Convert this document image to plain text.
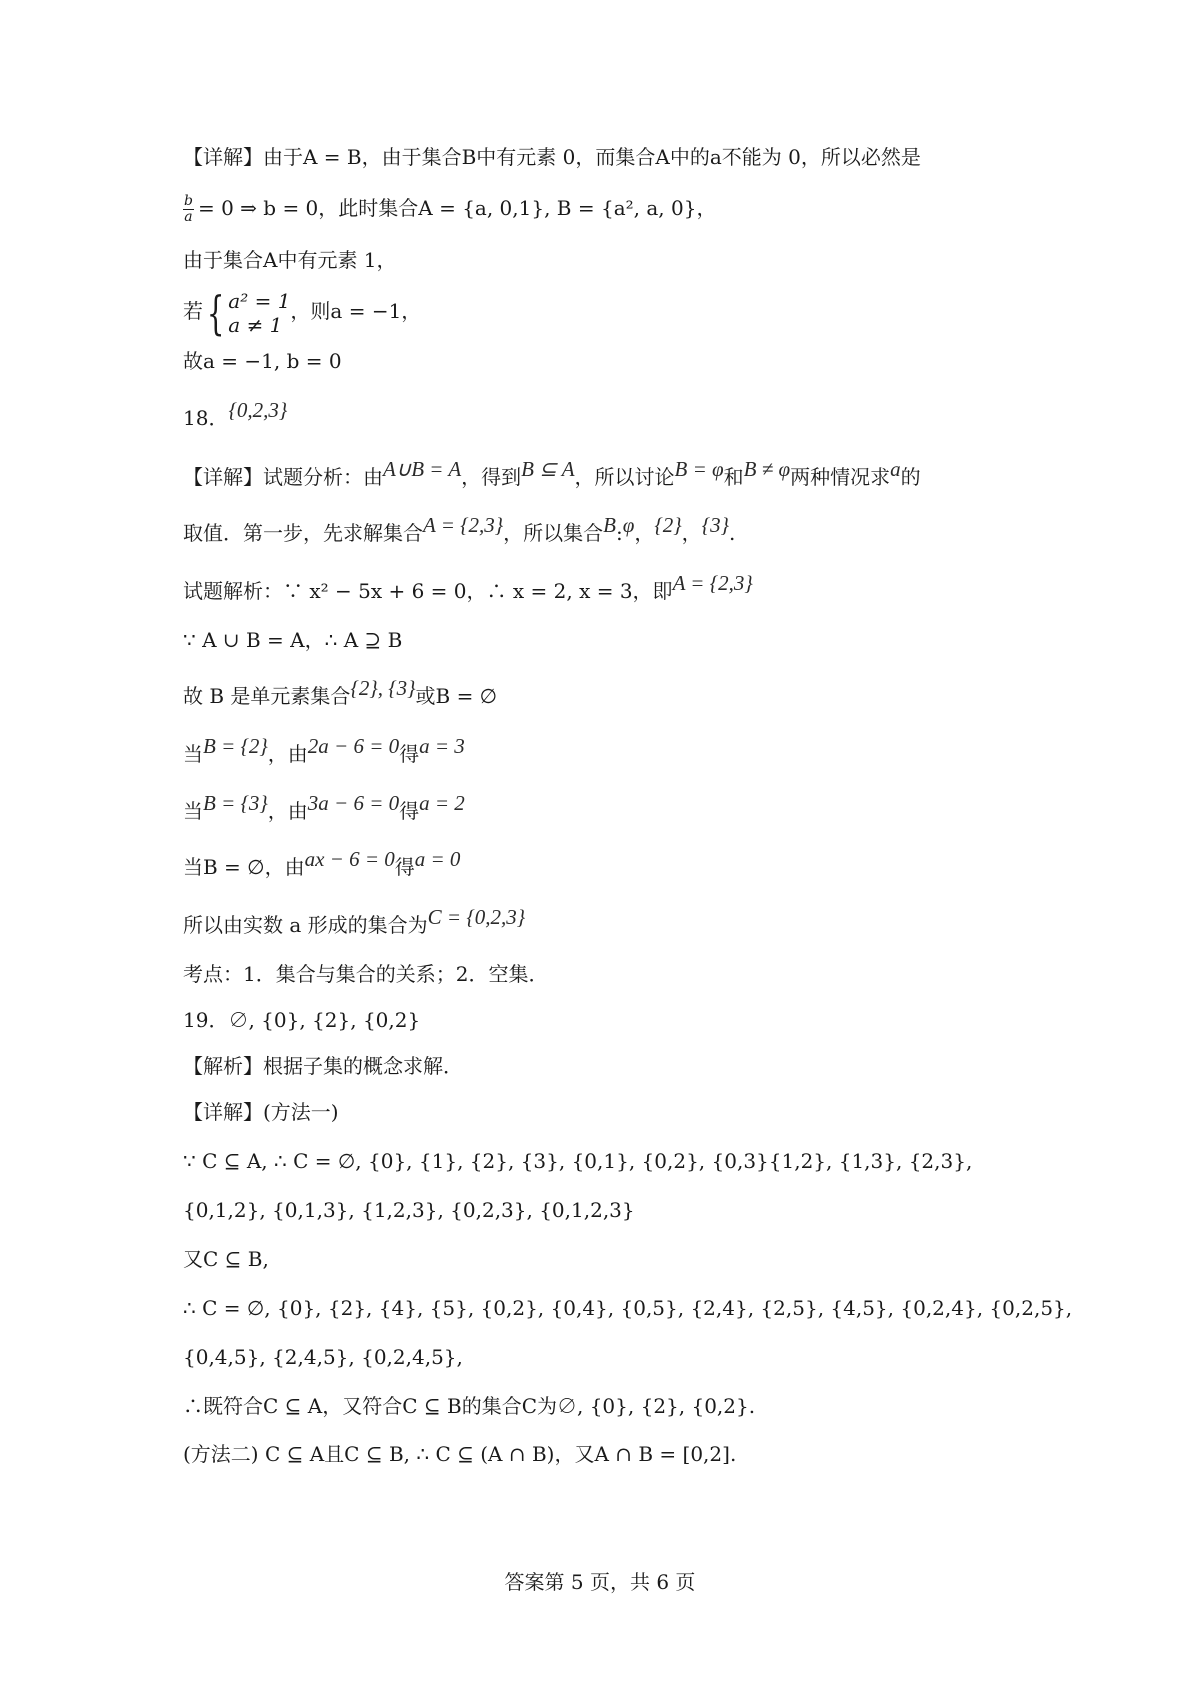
【详解】由于A = B，由于集合B中有元素 0，而集合A中的a不能为 0，所以必然是
$\frac{b}{a} = 0$ ⇒ b = 0，此时集合A = {a, 0,1}, B = {a², a, 0}，
由于集合A中有元素 1，
若{ a² = 1
a ≠ 1
，则a = −1，
故a = −1, b = 0
18．{0,2,3}
【详解】试题分析：由A∪B = A，得到B ⊆ A，所以讨论B = φ和B ≠ φ两种情况求a的
取值．第一步，先求解集合A = {2,3}，所以集合B:φ，{2}，{3}.
试题解析：∵ x² − 5x + 6 = 0，∴ x = 2, x = 3，即A = {2,3}
∵ A ∪ B = A，∴ A ⊇ B
故 B 是单元素集合{2}, {3}或B = ∅
当B = {2}，由2a − 6 = 0得a = 3
当B = {3}，由3a − 6 = 0得a = 2
当B = ∅，由ax − 6 = 0得a = 0
所以由实数 a 形成的集合为C = {0,2,3}
考点：1．集合与集合的关系；2．空集．
19．∅, {0}, {2}, {0,2}
【解析】根据子集的概念求解．
【详解】(方法一)
∵ C ⊆ A, ∴ C = ∅, {0}, {1}, {2}, {3}, {0,1}, {0,2}, {0,3}{1,2}, {1,3}, {2,3},
{0,1,2}, {0,1,3}, {1,2,3}, {0,2,3}, {0,1,2,3}
又C ⊆ B,
∴ C = ∅, {0}, {2}, {4}, {5}, {0,2}, {0,4}, {0,5}, {2,4}, {2,5}, {4,5}, {0,2,4}, {0,2,5},
{0,4,5}, {2,4,5}, {0,2,4,5},
∴既符合C ⊆ A，又符合C ⊆ B的集合C为∅, {0}, {2}, {0,2}.
(方法二) C ⊆ A且C ⊆ B, ∴ C ⊆ (A ∩ B)，又A ∩ B = [0,2].
答案第 5 页，共 6 页
